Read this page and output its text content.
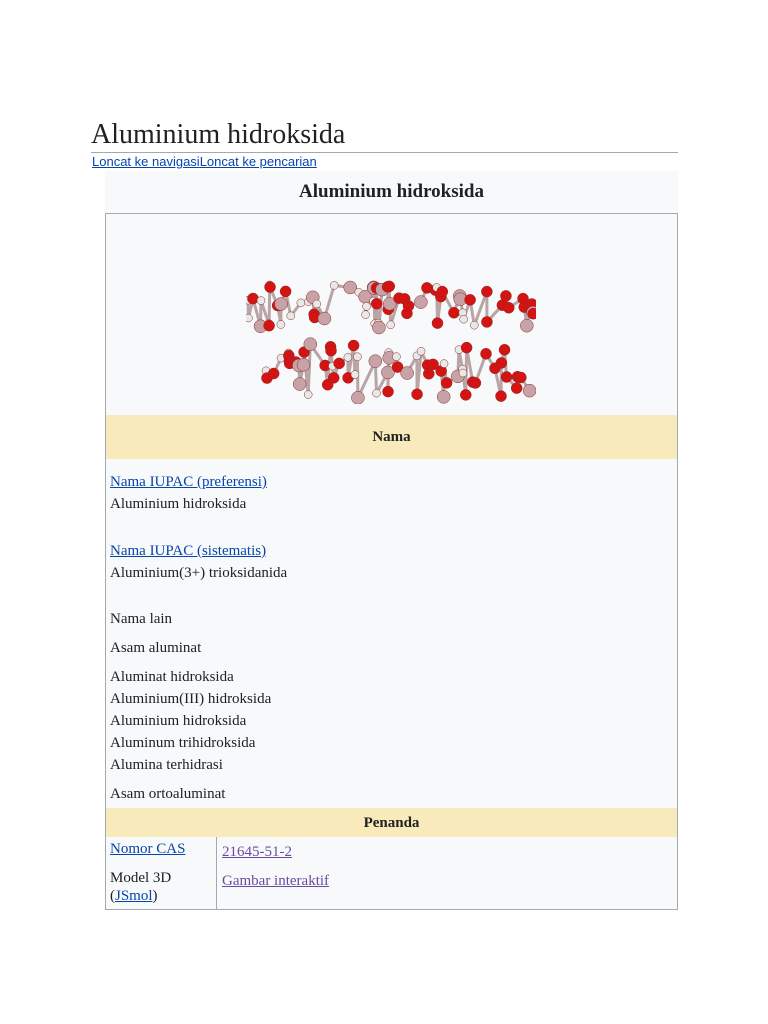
Aluminium hidroksida
Loncat ke navigasiLoncat ke pencarian
Aluminium hidroksida
Nama
Nama IUPAC (preferensi)
Aluminium hidroksida
Nama IUPAC (sistematis)
Aluminium(3+) trioksidanida

Nama lain

Asam aluminat

Aluminat hidroksida

Aluminium(III) hidroksida

Aluminium hidroksida

Aluminum trihidroksida

Alumina terhidrasi

Asam ortoaluminat

Penanda
Nomor CAS	21645-51-2
Model 3D
(JSmol)
Gambar interaktif
